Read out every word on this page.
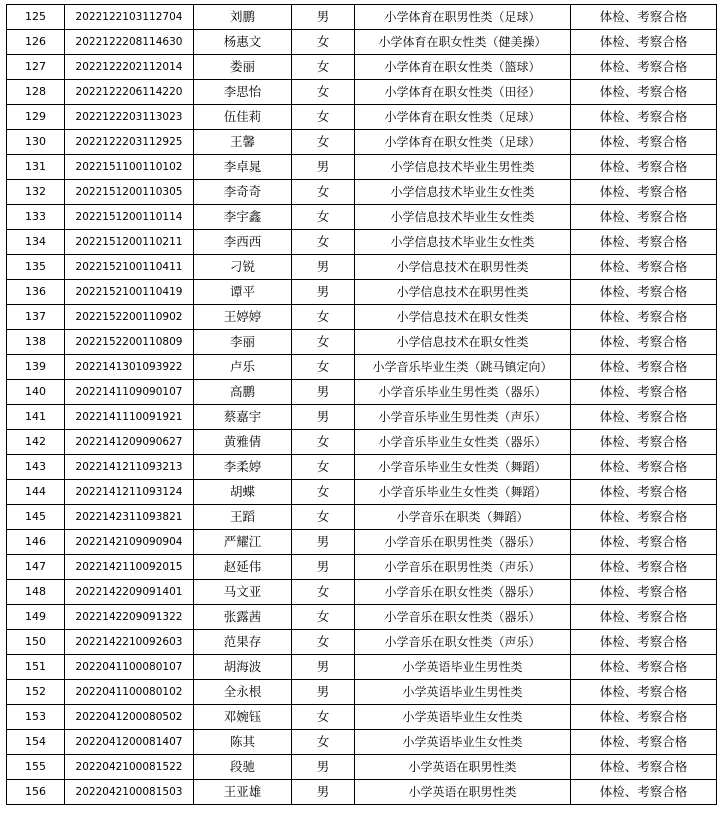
125	2022122103112704	刘鹏	男	小学体育在职男性类（足球）	体检、考察合格
126	2022122208114630	杨惠文	女	小学体育在职女性类（健美操）	体检、考察合格
127	2022122202112014	娄丽	女	小学体育在职女性类（篮球）	体检、考察合格
128	2022122206114220	李思怡	女	小学体育在职女性类（田径）	体检、考察合格
129	2022122203113023	伍佳莉	女	小学体育在职女性类（足球）	体检、考察合格
130	2022122203112925	王馨	女	小学体育在职女性类（足球）	体检、考察合格
131	2022151100110102	李卓晁	男	小学信息技术毕业生男性类	体检、考察合格
132	2022151200110305	李奇奇	女	小学信息技术毕业生女性类	体检、考察合格
133	2022151200110114	李宇鑫	女	小学信息技术毕业生女性类	体检、考察合格
134	2022151200110211	李西西	女	小学信息技术毕业生女性类	体检、考察合格
135	2022152100110411	刁锐	男	小学信息技术在职男性类	体检、考察合格
136	2022152100110419	谭平	男	小学信息技术在职男性类	体检、考察合格
137	2022152200110902	王婷婷	女	小学信息技术在职女性类	体检、考察合格
138	2022152200110809	李丽	女	小学信息技术在职女性类	体检、考察合格
139	2022141301093922	卢乐	女	小学音乐毕业生类（跳马镇定向）	体检、考察合格
140	2022141109090107	高鹏	男	小学音乐毕业生男性类（器乐）	体检、考察合格
141	2022141110091921	蔡嘉宇	男	小学音乐毕业生男性类（声乐）	体检、考察合格
142	2022141209090627	黄雅倩	女	小学音乐毕业生女性类（器乐）	体检、考察合格
143	2022141211093213	李柔婷	女	小学音乐毕业生女性类（舞蹈）	体检、考察合格
144	2022141211093124	胡蝶	女	小学音乐毕业生女性类（舞蹈）	体检、考察合格
145	2022142311093821	王蹈	女	小学音乐在职类（舞蹈）	体检、考察合格
146	2022142109090904	严耀江	男	小学音乐在职男性类（器乐）	体检、考察合格
147	2022142110092015	赵延伟	男	小学音乐在职男性类（声乐）	体检、考察合格
148	2022142209091401	马文亚	女	小学音乐在职女性类（器乐）	体检、考察合格
149	2022142209091322	张露茜	女	小学音乐在职女性类（器乐）	体检、考察合格
150	2022142210092603	范果存	女	小学音乐在职女性类（声乐）	体检、考察合格
151	2022041100080107	胡海波	男	小学英语毕业生男性类	体检、考察合格
152	2022041100080102	全永根	男	小学英语毕业生男性类	体检、考察合格
153	2022041200080502	邓婉钰	女	小学英语毕业生女性类	体检、考察合格
154	2022041200081407	陈其	女	小学英语毕业生女性类	体检、考察合格
155	2022042100081522	段驰	男	小学英语在职男性类	体检、考察合格
156	2022042100081503	王亚雄	男	小学英语在职男性类	体检、考察合格
